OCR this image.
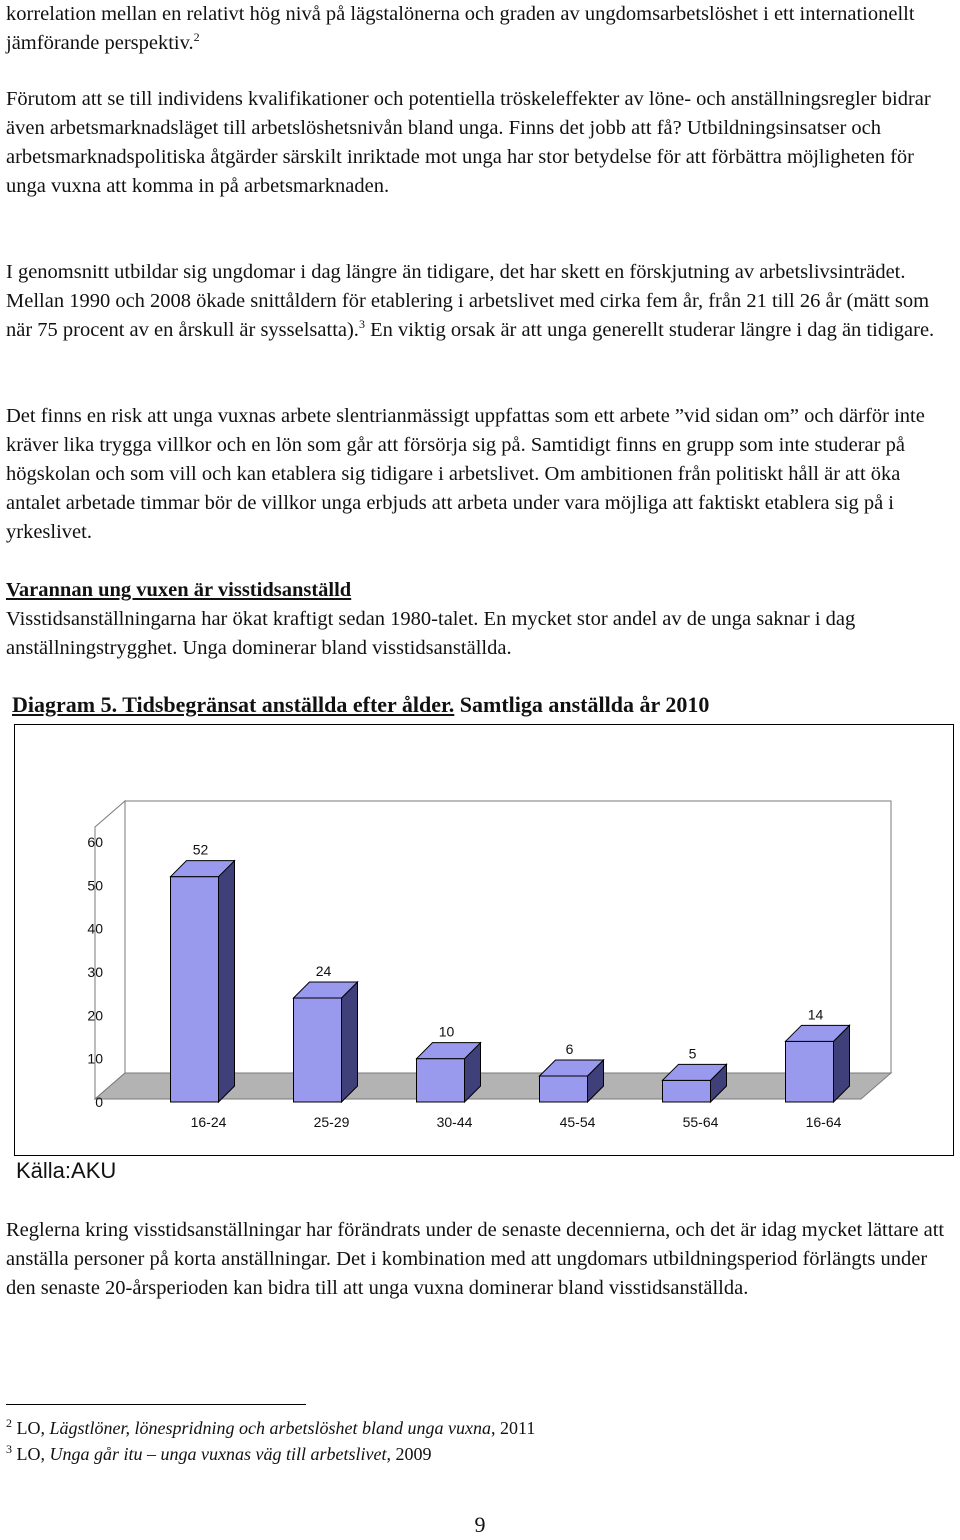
korrelation mellan en relativt hög nivå på lägstalönerna och graden av ungdomsarbetslöshet i ett internationellt jämförande perspektiv.$^2$

Förutom att se till individens kvalifikationer och potentiella tröskeleffekter av löne- och anställningsregler bidrar även arbetsmarknadsläget till arbetslöshetsnivån bland unga. Finns det jobb att få? Utbildningsinsatser och arbetsmarknadspolitiska åtgärder särskilt inriktade mot unga har stor betydelse för att förbättra möjligheten för unga vuxna att komma in på arbetsmarknaden.

I genomsnitt utbildar sig ungdomar i dag längre än tidigare, det har skett en förskjutning av arbetslivsinträdet. Mellan 1990 och 2008 ökade snittåldern för etablering i arbetslivet med cirka fem år, från 21 till 26 år (mätt som när 75 procent av en årskull är sysselsatta).$^3$ En viktig orsak är att unga generellt studerar längre i dag än tidigare.

Det finns en risk att unga vuxnas arbete slentrianmässigt uppfattas som ett arbete ”vid sidan om” och därför inte kräver lika trygga villkor och en lön som går att försörja sig på. Samtidigt finns en grupp som inte studerar på högskolan och som vill och kan etablera sig tidigare i arbetslivet. Om ambitionen från politiskt håll är att öka antalet arbetade timmar bör de villkor unga erbjuds att arbeta under vara möjliga att faktiskt etablera sig på i yrkeslivet.

Varannan ung vuxen är visstidsanställd
Visstidsanställningarna har ökat kraftigt sedan 1980-talet. En mycket stor andel av de unga saknar i dag anställningstrygghet. Unga dominerar bland visstidsanställda.

Diagram 5. Tidsbegränsat anställda efter ålder. Samtliga anställda år 2010
0
10
20
30
40
50
60
16-24	25-29	30-44	45-54	55-64	16-64
52
24
10
6	5
14
Källa:AKU

Reglerna kring visstidsanställningar har förändrats under de senaste decennierna, och det är idag mycket lättare att anställa personer på korta anställningar. Det i kombination med att ungdomars utbildningsperiod förlängts under den senaste 20-årsperioden kan bidra till att unga vuxna dominerar bland visstidsanställda.

$^2$ LO, Lägstlöner, lönespridning och arbetslöshet bland unga vuxna, 2011

$^3$ LO, Unga går itu – unga vuxnas väg till arbetslivet, 2009

9
